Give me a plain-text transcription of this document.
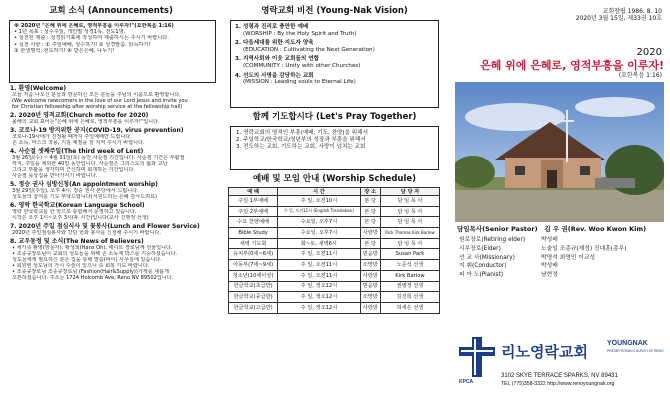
교회 소식 (Announcements)
※ 2020년 "은혜 위에 은혜로, 영적부흥을 이루자!"(요한복음 1:16)
• 1년 목표 : 성수주일, 개인별 성경1독, 전도1명.
• 실천된 제출 : 성경읽기표에 작성하여 제출하시는 주시기 바랍니다.
• 실천 사항 : ① 주일예배, 성수하기! ② 성경말씀, 읽독하기!
③ 한생명씩, 전도하기! ④ 받은은혜, 나누기!
1. 환영(Welcome)
오늘 처음 나오신 분들과 방문하신 모든 분들을 주님의 이름으로 환영합니다.
(We welcome newcomers in the love of our Lord Jesus and invite you
for Christian fellowship after worship service at the fellowship hall)
2. 2020년 영적교회(Church motto for 2020)
올해의 교회 표어는"은혜 위에 은혜로, 영적부흥을 이루자!"입니다.
3. 코로나-19 방지위한 공지(COVID-19, virus prevention)
코로나-19사태가 진정될 때까지 주일예배만 드립니다.
손 소독, 마스크 착용, 기침 예절을 잘 지켜 주시기 바랍니다.
4. 사순절 셋째주일(The third week of Lent)
3월 26일(수) ~ 4월 11일(토) 동안 사순절 기간입니다. 사순절 기간은 부활절
까지, 주일을 제외한 40일 동안입니다. 사순절은 그리스도의 삶과 고난
그리고 부활을 생각하며 근신하며 회개하는 기간입니다.
사순절 묵상집을 받아가시기 바랍니다.
5. 정승 권사 심방신청(An appointment worship)
3월 29일(주일), 오후 4시, 정승 권사 본당에서 드립니다.
성도들의 참여를 기도 부탁드립니다(서원드리는 은혜 감사드려요)
6. 영락 한국학교(Korean Language School)
영락 한국학교를 한 학으로 통합해서 운영하고 있습니다.
시작은 오후 1시~오후 3시(두 시간)입니다(교사 진행정 선생)
7. 2020년 주일 점심식사 및 꽃봉사(Lunch and Flower Service)
2020년 주일점심봉사와 강단 헌화 봉사를 신청해 주시기 바랍니다.
8. 교우동정 및 소식(The News of Believers)
• 새가족 환영(방문자): 황성희(Hans Oh), 에디트 장로님께 선물입니다.
• 조종규장로님이 교회의 성도들을 위해 손 소독제 박스를 기증하셨습니다.
성도들에게 필요하신 분은 집을 통해 말씀(파이) 사무실에 있습니다.
• 회원변 성도님의 가시 수술이 있으니 속 회복 기도 바랍니다.
• 조종규장로님 조종규장로님 (Fashion(Hair&Supply))가게를 새롭게
오픈하셨습니다. 주소는 1724 Holcomb Ave, Reno NV 89502입니다.
영락교회 비전 (Young-Nak Vision)
1. 성령과 진리로 충만한 예배
(WORSHIP : By the Holy Spirit and Truth)
2. 다음세대를 위한 지도자 양육
(EDUCATION : Cultivating the Next Generation)
3. 지역사회와 이웃 교회들의 연합
(COMMUNITY : Unity with other Churches)
4. 선도의 사명을 감당하는 교회
(MISSION : Leading souls to Eternal Life)
함께 기도합시다 (Let's Pray Together)
1. 영락교회의 영적인 부흥(예배, 기도, 찬양)을 위해서
2. 주일학교/한국학교/청년부의 성장과 부흥을 위해서
3. 전도하는 교회, 기도하는 교회, 사랑이 넘치는 교회
예배 및 모임 안내 (Worship Schedule)
예 배	시 간	장 소	담 당 자
주일 1부예배	주 일, 오전10시	본 당	담 임 목 사
주일 2부예배	주 일, 오전11시 (English Translation)	본 당	담 임 목 사
수요 찬양예배	수요일, 오후7시	본 당	담 임 목 사
Bible Study	수요일, 오후7시	사랑방	Rick Thomas Kirk Barlow
새벽 기도회	화~토, 새벽6시	본 당	담 임 목 사
유치부(0세~6세)	주 일, 오전11시	믿음방	Susan Park
아동부(7세~9세)	주 일, 오전11시	소망방	노준석 선생
청소년(10세이상)	주 일, 오전11시	사랑방	Kirk Barlow
한글학교(초급반)	주 일, 정오12시	믿음방	권병정 선생
한글학교(중급반)	주 일, 정오12시	소망방	김진희 선생
한글학교(고급반)	주 일, 정오12시	사랑방	허세은 선생
교회창립 1986. 8. 10
2020년 3월 15일, 제33권 10호
2020
은혜 위에 은혜로, 영적부흥을 이루자!
(요한복음 1:16)
담임목사(Senior Pastor) 김 우 권(Rev. Woo Kwon Kim)
원로장로(Retiring elder)	박성배
시무장로(Elder)	노술일 조종규(재정) 진대훈(총무)
선 교 사(Missionary)	박영석 최영민 이교성
지 휘(Conductor)	박성배
피 아 노(Pianist)	남현정
KPCA
리노영락교회	YOUNGNAK
PRESBYTERIAN CHURCH OF RENO
3102 SKYE TERRACE SPARKS, NV 89431
TEL (775)358-3322 http://www.renoyoungnak.org
